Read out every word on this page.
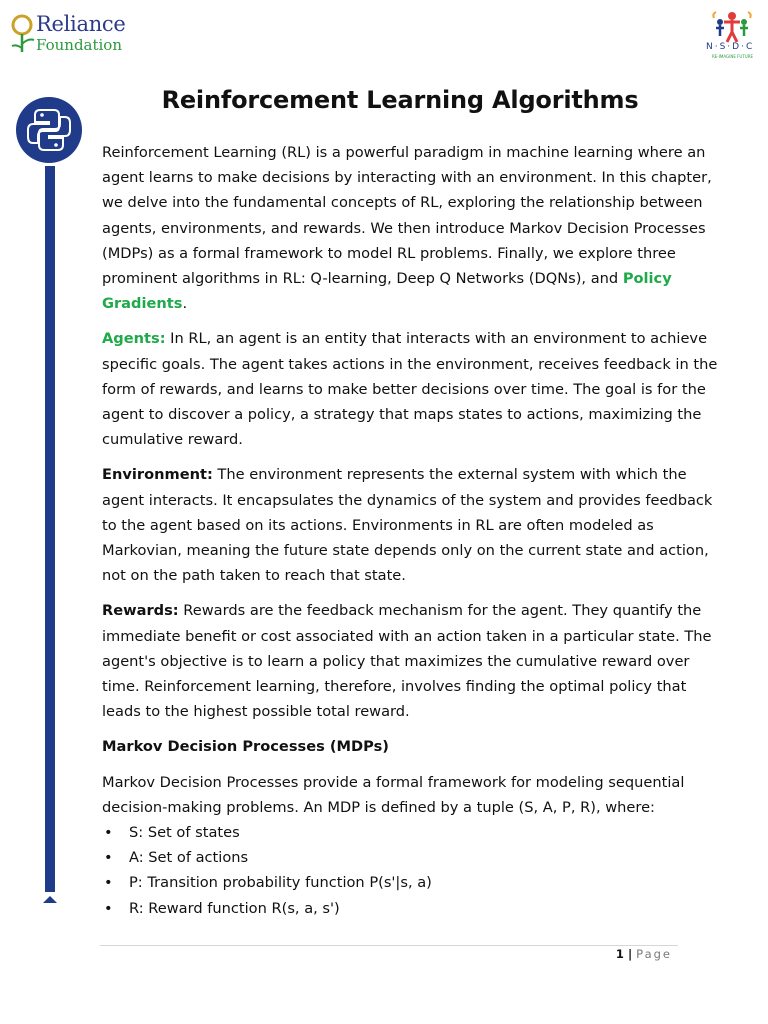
Reliance
Foundation	N·S·D·C
RE-IMAGINE FUTURE
Reinforcement Learning Algorithms

Reinforcement Learning (RL) is a powerful paradigm in machine learning where an agent learns to make decisions by interacting with an environment. In this chapter, we delve into the fundamental concepts of RL, exploring the relationship between agents, environments, and rewards. We then introduce Markov Decision Processes (MDPs) as a formal framework to model RL problems. Finally, we explore three prominent algorithms in RL: Q-learning, Deep Q Networks (DQNs), and Policy Gradients.

Agents: In RL, an agent is an entity that interacts with an environment to achieve specific goals. The agent takes actions in the environment, receives feedback in the form of rewards, and learns to make better decisions over time. The goal is for the agent to discover a policy, a strategy that maps states to actions, maximizing the cumulative reward.

Environment: The environment represents the external system with which the agent interacts. It encapsulates the dynamics of the system and provides feedback to the agent based on its actions. Environments in RL are often modeled as Markovian, meaning the future state depends only on the current state and action, not on the path taken to reach that state.

Rewards: Rewards are the feedback mechanism for the agent. They quantify the immediate benefit or cost associated with an action taken in a particular state. The agent's objective is to learn a policy that maximizes the cumulative reward over time. Reinforcement learning, therefore, involves finding the optimal policy that leads to the highest possible total reward.

Markov Decision Processes (MDPs)

Markov Decision Processes provide a formal framework for modeling sequential decision-making problems. An MDP is defined by a tuple (S, A, P, R), where:

• S: Set of states
• A: Set of actions
• P: Transition probability function P(s'|s, a)
• R: Reward function R(s, a, s')
1 | Page
